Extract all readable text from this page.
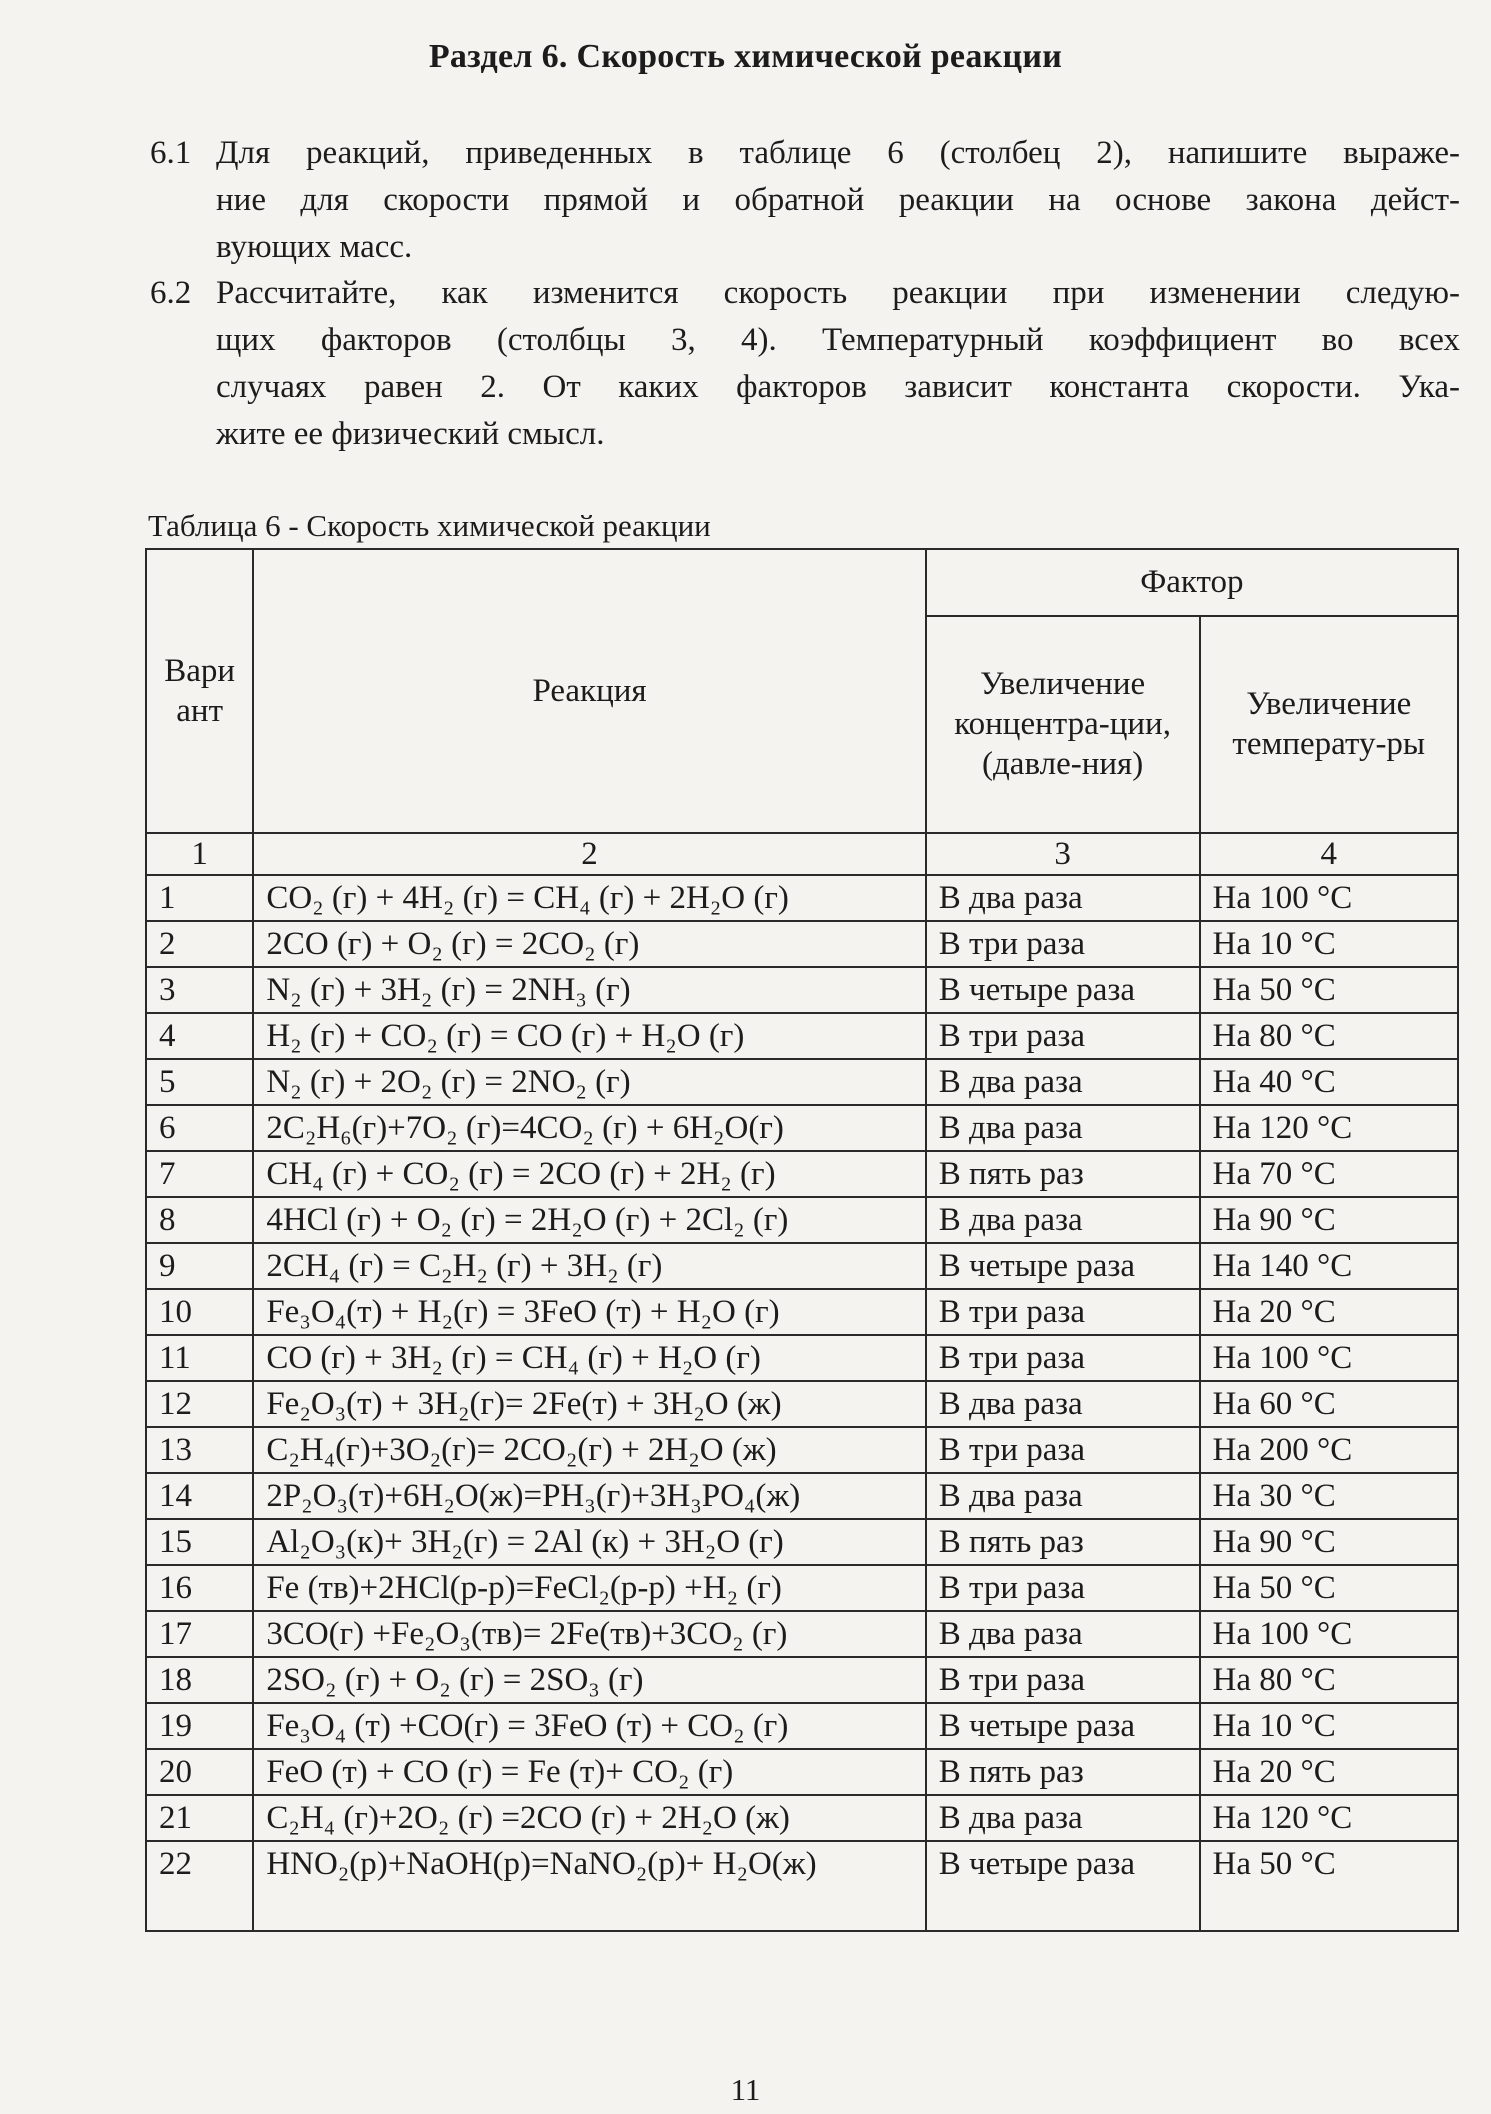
Раздел 6. Скорость химической реакции
6.1 Для реакций, приведенных в таблице 6 (столбец 2), напишите выраже-
ние для скорости прямой и обратной реакции на основе закона дейст-
вующих масс.
6.2 Рассчитайте, как изменится скорость реакции при изменении следую-
щих факторов (столбцы 3, 4). Температурный коэффициент во всех
случаях равен 2. От каких факторов зависит константа скорости. Ука-
жите ее физический смысл.
Таблица 6 - Скорость химической реакции
Вари ант	Реакция	Фактор	
		Увеличение концентра-ции, (давле-ния)	Увеличение температу-ры
1	2	3	4
1	CO₂ (г) + 4H₂ (г) = CH₄ (г) + 2H₂O (г)	В два раза	На 100 °С
2	2CO (г) + O₂ (г) = 2CO₂ (г)	В три раза	На 10 °С
3	N₂ (г) + 3H₂ (г) = 2NH₃ (г)	В четыре раза	На 50 °С
4	H₂ (г) + CO₂ (г) = CO (г) + H₂O (г)	В три раза	На 80 °С
5	N₂ (г) + 2O₂ (г) = 2NO₂ (г)	В два раза	На 40 °С
6	2C₂H₆(г)+7O₂ (г)=4CO₂ (г) + 6H₂O(г)	В два раза	На 120 °С
7	CH₄ (г) + CO₂ (г) = 2CO (г) + 2H₂ (г)	В пять раз	На 70 °С
8	4HCl (г) + O₂ (г) = 2H₂O (г) + 2Cl₂ (г)	В два раза	На 90 °С
9	2CH₄ (г) = C₂H₂ (г) + 3H₂ (г)	В четыре раза	На 140 °С
10	Fe₃O₄(т) + H₂(г) = 3FeO (т) + H₂O (г)	В три раза	На 20 °С
11	CO (г) + 3H₂ (г) = CH₄ (г) + H₂O (г)	В три раза	На 100 °С
12	Fe₂O₃(т) + 3H₂(г)= 2Fe(т) + 3H₂O (ж)	В два раза	На 60 °С
13	C₂H₄(г)+3O₂(г)= 2CO₂(г) + 2H₂O (ж)	В три раза	На 200 °С
14	2P₂O₃(т)+6H₂O(ж)=PH₃(г)+3H₃PO₄(ж)	В два раза	На 30 °С
15	Al₂O₃(к)+ 3H₂(г) = 2Al (к) + 3H₂O (г)	В пять раз	На 90 °С
16	Fe (тв)+2HCl(р-р)=FeCl₂(р-р) +H₂ (г)	В три раза	На 50 °С
17	3CO(г) +Fe₂O₃(тв)= 2Fe(тв)+3CO₂ (г)	В два раза	На 100 °С
18	2SO₂ (г) + O₂ (г) = 2SO₃ (г)	В три раза	На 80 °С
19	Fe₃O₄ (т) +CO(г) = 3FeO (т) + CO₂ (г)	В четыре раза	На 10 °С
20	FeO (т) + CO (г) = Fe (т)+ CO₂ (г)	В пять раз	На 20 °С
21	C₂H₄ (г)+2O₂ (г) =2CO (г) + 2H₂O (ж)	В два раза	На 120 °С
22	HNO₂(р)+NaOH(р)=NaNO₂(р)+ H₂O(ж)	В четыре раза	На 50 °С
11
